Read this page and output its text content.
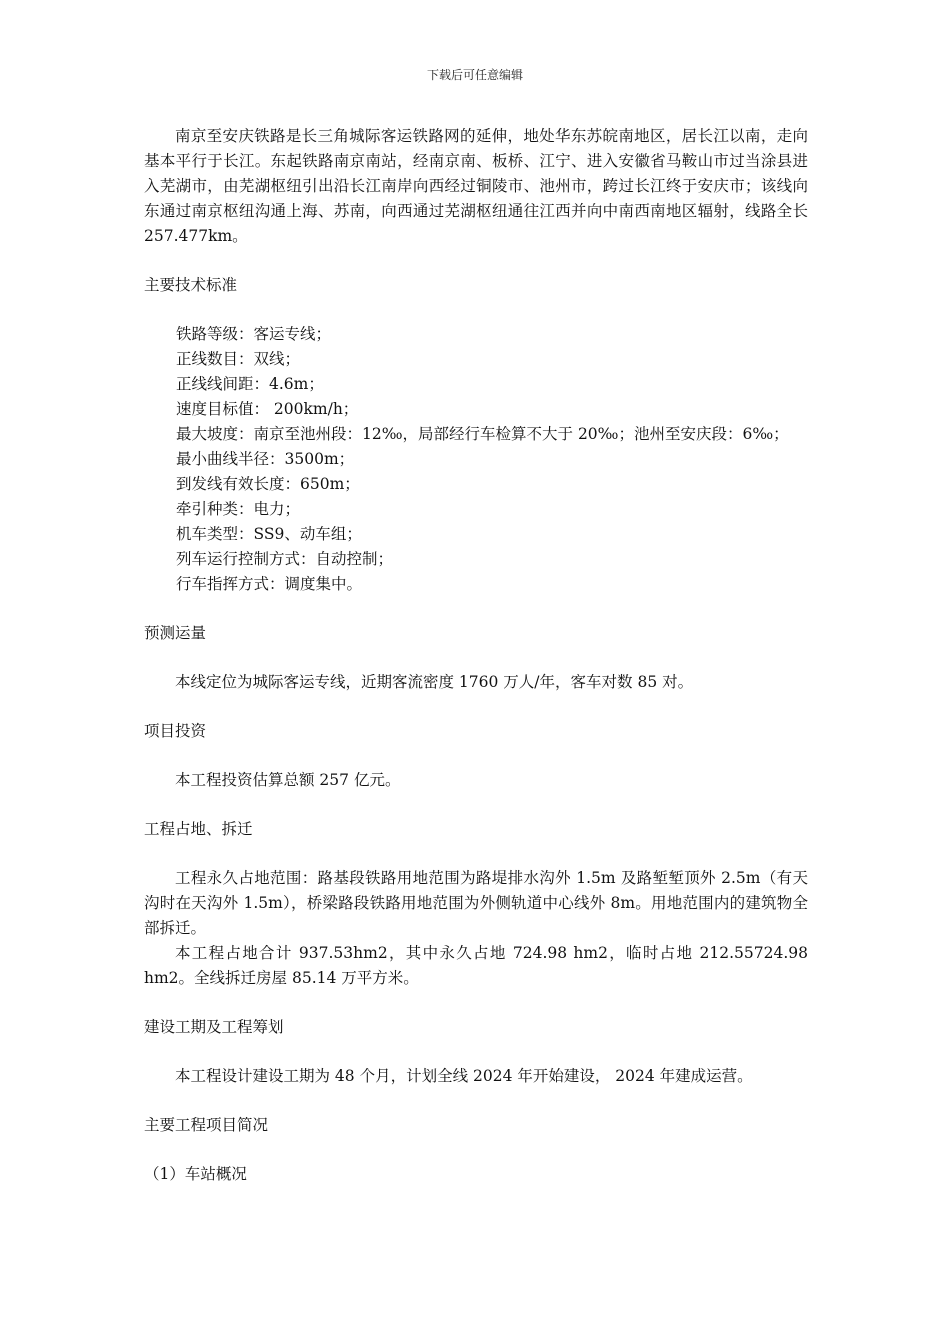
下载后可任意编辑

南京至安庆铁路是长三角城际客运铁路网的延伸，地处华东苏皖南地区，居长江以南，走向基本平行于长江。东起铁路南京南站，经南京南、板桥、江宁、进入安徽省马鞍山市过当涂县进入芜湖市，由芜湖枢纽引出沿长江南岸向西经过铜陵市、池州市，跨过长江终于安庆市；该线向东通过南京枢纽沟通上海、苏南，向西通过芜湖枢纽通往江西并向中南西南地区辐射，线路全长 257.477km。

主要技术标准

铁路等级：客运专线；

正线数目：双线；

正线线间距：4.6m；

速度目标值： 200km/h；

最大坡度：南京至池州段：12‰，局部经行车检算不大于 20‰；池州至安庆段：6‰；

最小曲线半径：3500m；

到发线有效长度：650m；

牵引种类：电力；

机车类型：SS9、动车组；

列车运行控制方式：自动控制；

行车指挥方式：调度集中。

预测运量

本线定位为城际客运专线，近期客流密度 1760 万人/年，客车对数 85 对。

项目投资

本工程投资估算总额 257 亿元。

工程占地、拆迁

工程永久占地范围：路基段铁路用地范围为路堤排水沟外 1.5m 及路堑堑顶外 2.5m（有天沟时在天沟外 1.5m），桥梁路段铁路用地范围为外侧轨道中心线外 8m。用地范围内的建筑物全部拆迁。

本工程占地合计 937.53hm2，其中永久占地 724.98 hm2，临时占地 212.55724.98 hm2。全线拆迁房屋 85.14 万平方米。

建设工期及工程筹划

本工程设计建设工期为 48 个月，计划全线 2024 年开始建设， 2024 年建成运营。

主要工程项目简况

（1）车站概况
